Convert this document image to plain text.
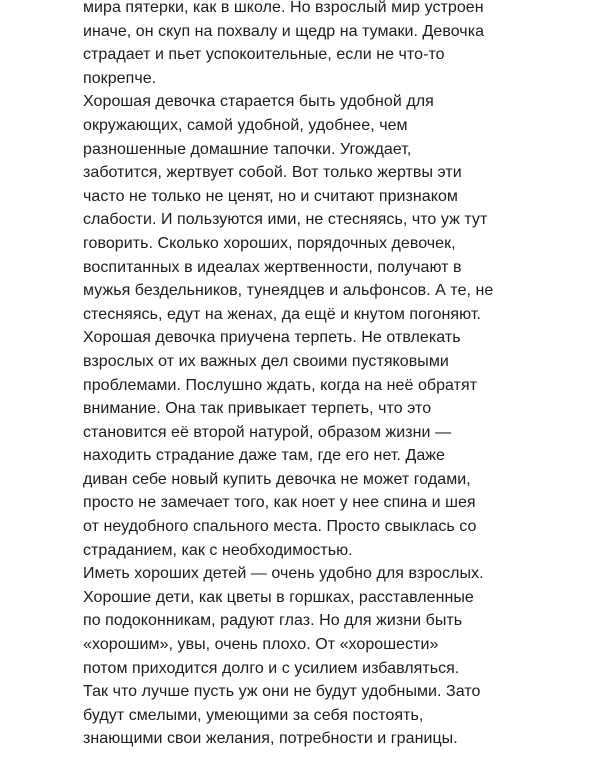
мира пятерки, как в школе. Но взрослый мир устроен
иначе, он скуп на похвалу и щедр на тумаки. Девочка
страдает и пьет успокоительные, если не что-то
покрепче.
Хорошая девочка старается быть удобной для
окружающих, самой удобной, удобнее, чем
разношенные домашние тапочки. Угождает,
заботится, жертвует собой. Вот только жертвы эти
часто не только не ценят, но и считают признаком
слабости. И пользуются ими, не стесняясь, что уж тут
говорить. Сколько хороших, порядочных девочек,
воспитанных в идеалах жертвенности, получают в
мужья бездельников, тунеядцев и альфонсов. А те, не
стесняясь, едут на женах, да ещё и кнутом погоняют.
Хорошая девочка приучена терпеть. Не отвлекать
взрослых от их важных дел своими пустяковыми
проблемами. Послушно ждать, когда на неё обратят
внимание. Она так привыкает терпеть, что это
становится её второй натурой, образом жизни —
находить страдание даже там, где его нет. Даже
диван себе новый купить девочка не может годами,
просто не замечает того, как ноет у нее спина и шея
от неудобного спального места. Просто свыклась со
страданием, как с необходимостью.
Иметь хороших детей — очень удобно для взрослых.
Хорошие дети, как цветы в горшках, расставленные
по подоконникам, радуют глаз. Но для жизни быть
«хорошим», увы, очень плохо. От «хорошести»
потом приходится долго и с усилием избавляться.
Так что лучше пусть уж они не будут удобными. Зато
будут смелыми, умеющими за себя постоять,
знающими свои желания, потребности и границы.
